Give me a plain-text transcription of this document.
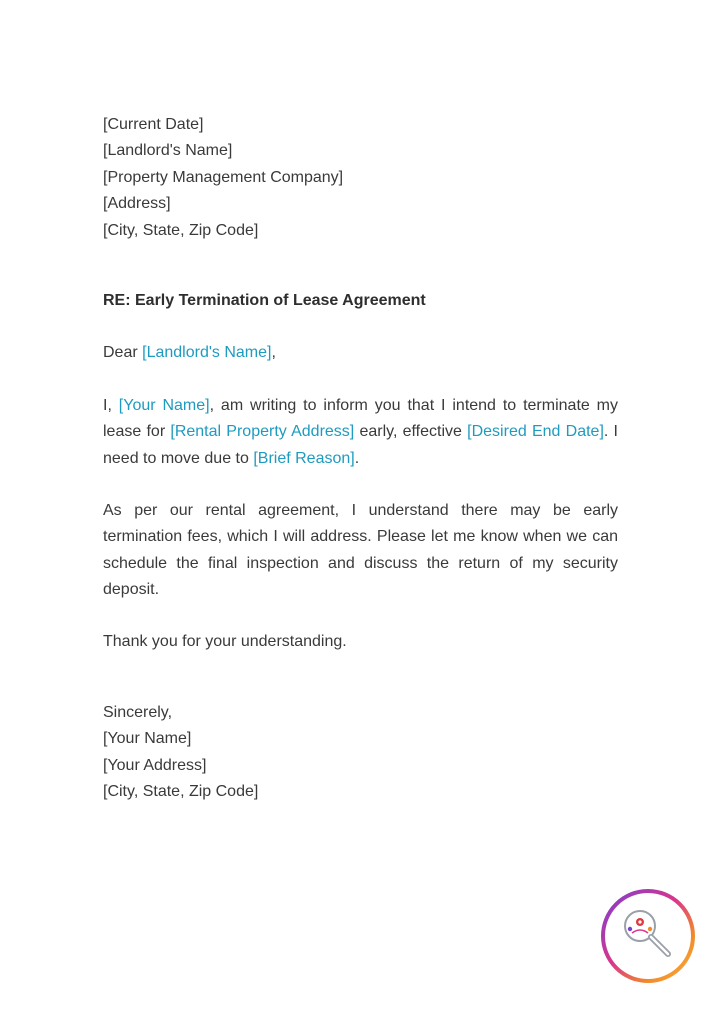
[Current Date]
[Landlord's Name]
[Property Management Company]
[Address]
[City, State, Zip Code]
RE: Early Termination of Lease Agreement
Dear [Landlord's Name],
I, [Your Name], am writing to inform you that I intend to terminate my lease for [Rental Property Address] early, effective [Desired End Date]. I need to move due to [Brief Reason].
As per our rental agreement, I understand there may be early termination fees, which I will address. Please let me know when we can schedule the final inspection and discuss the return of my security deposit.
Thank you for your understanding.
Sincerely,
[Your Name]
[Your Address]
[City, State, Zip Code]
